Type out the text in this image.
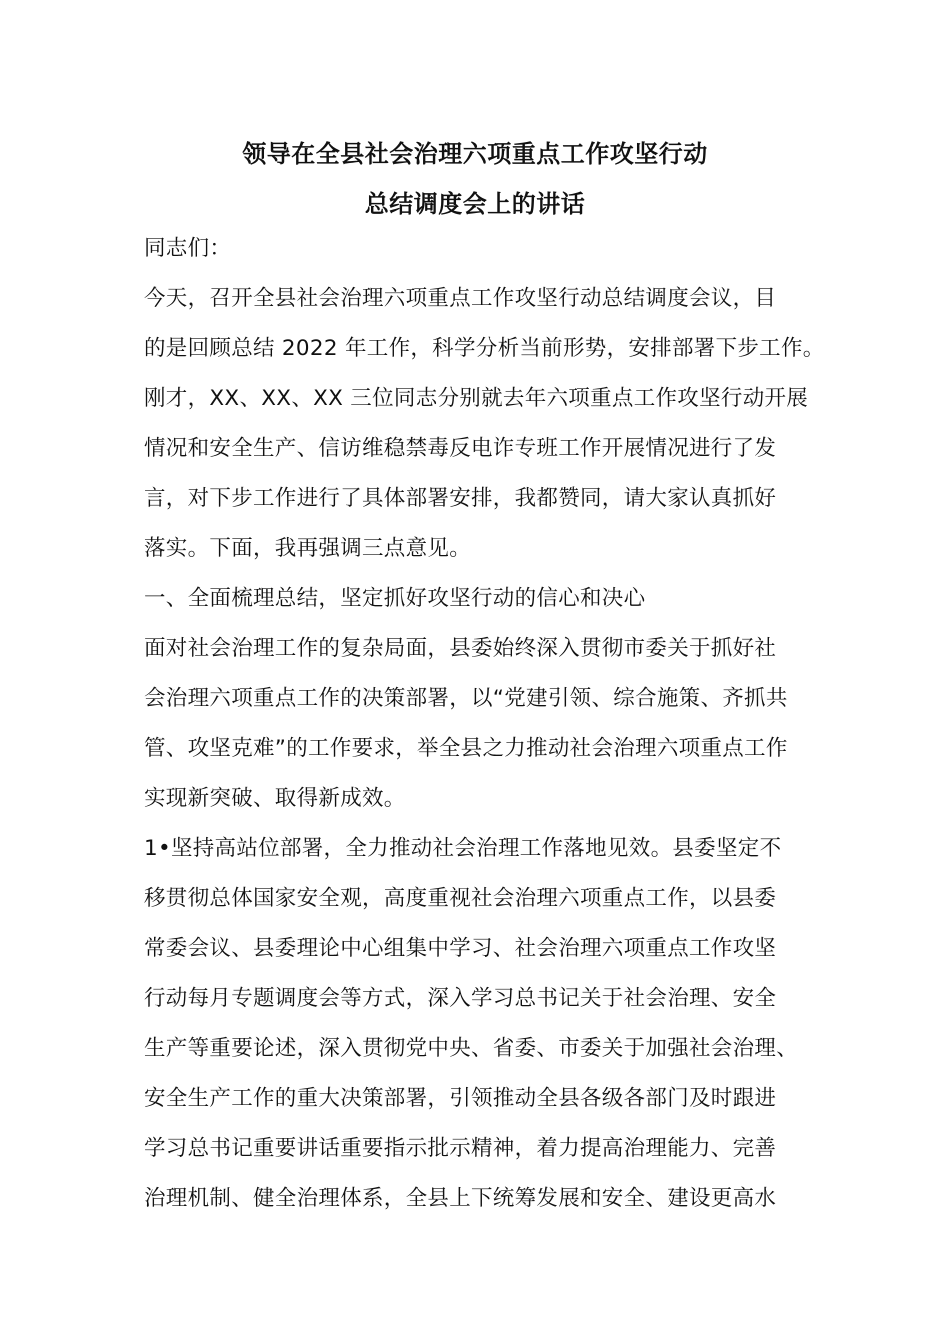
领导在全县社会治理六项重点工作攻坚行动
总结调度会上的讲话
同志们：
今天，召开全县社会治理六项重点工作攻坚行动总结调度会议，目
的是回顾总结 2022 年工作，科学分析当前形势，安排部署下步工作。
刚才，XX、XX、XX 三位同志分别就去年六项重点工作攻坚行动开展
情况和安全生产、信访维稳禁毒反电诈专班工作开展情况进行了发
言，对下步工作进行了具体部署安排，我都赞同，请大家认真抓好
落实。下面，我再强调三点意见。
一、全面梳理总结，坚定抓好攻坚行动的信心和决心
面对社会治理工作的复杂局面，县委始终深入贯彻市委关于抓好社
会治理六项重点工作的决策部署，以“党建引领、综合施策、齐抓共
管、攻坚克难”的工作要求，举全县之力推动社会治理六项重点工作
实现新突破、取得新成效。
1•坚持高站位部署，全力推动社会治理工作落地见效。县委坚定不
移贯彻总体国家安全观，高度重视社会治理六项重点工作，以县委
常委会议、县委理论中心组集中学习、社会治理六项重点工作攻坚
行动每月专题调度会等方式，深入学习总书记关于社会治理、安全
生产等重要论述，深入贯彻党中央、省委、市委关于加强社会治理、
安全生产工作的重大决策部署，引领推动全县各级各部门及时跟进
学习总书记重要讲话重要指示批示精神，着力提高治理能力、完善
治理机制、健全治理体系，全县上下统筹发展和安全、建设更高水
